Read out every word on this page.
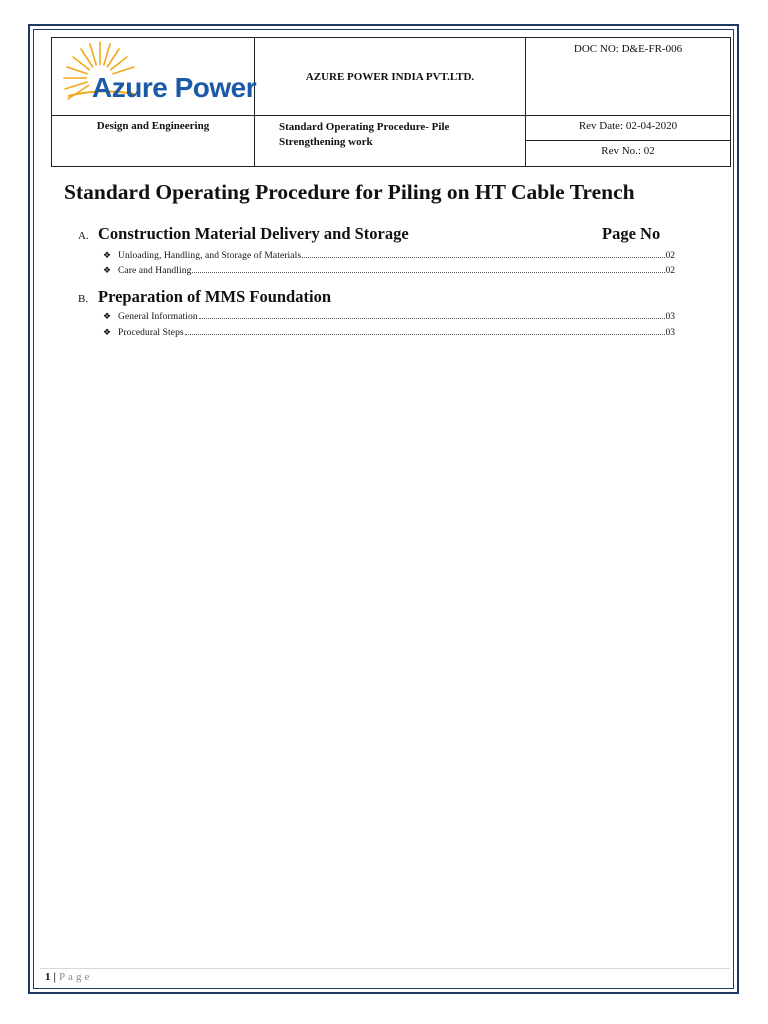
Azure Power	AZURE POWER INDIA PVT.LTD.	DOC NO: D&E-FR-006
Design and Engineering	Standard Operating Procedure- Pile Strengthening work	Rev Date: 02-04-2020
		Rev No.: 02
Standard Operating Procedure for Piling on HT Cable Trench
A. Construction Material Delivery and Storage	Page No
❖ Unloading, Handling, and Storage of Materials	02
❖ Care and Handling	02
B. Preparation of MMS Foundation
❖ General Information	03
❖ Procedural Steps	03
1 | Page
